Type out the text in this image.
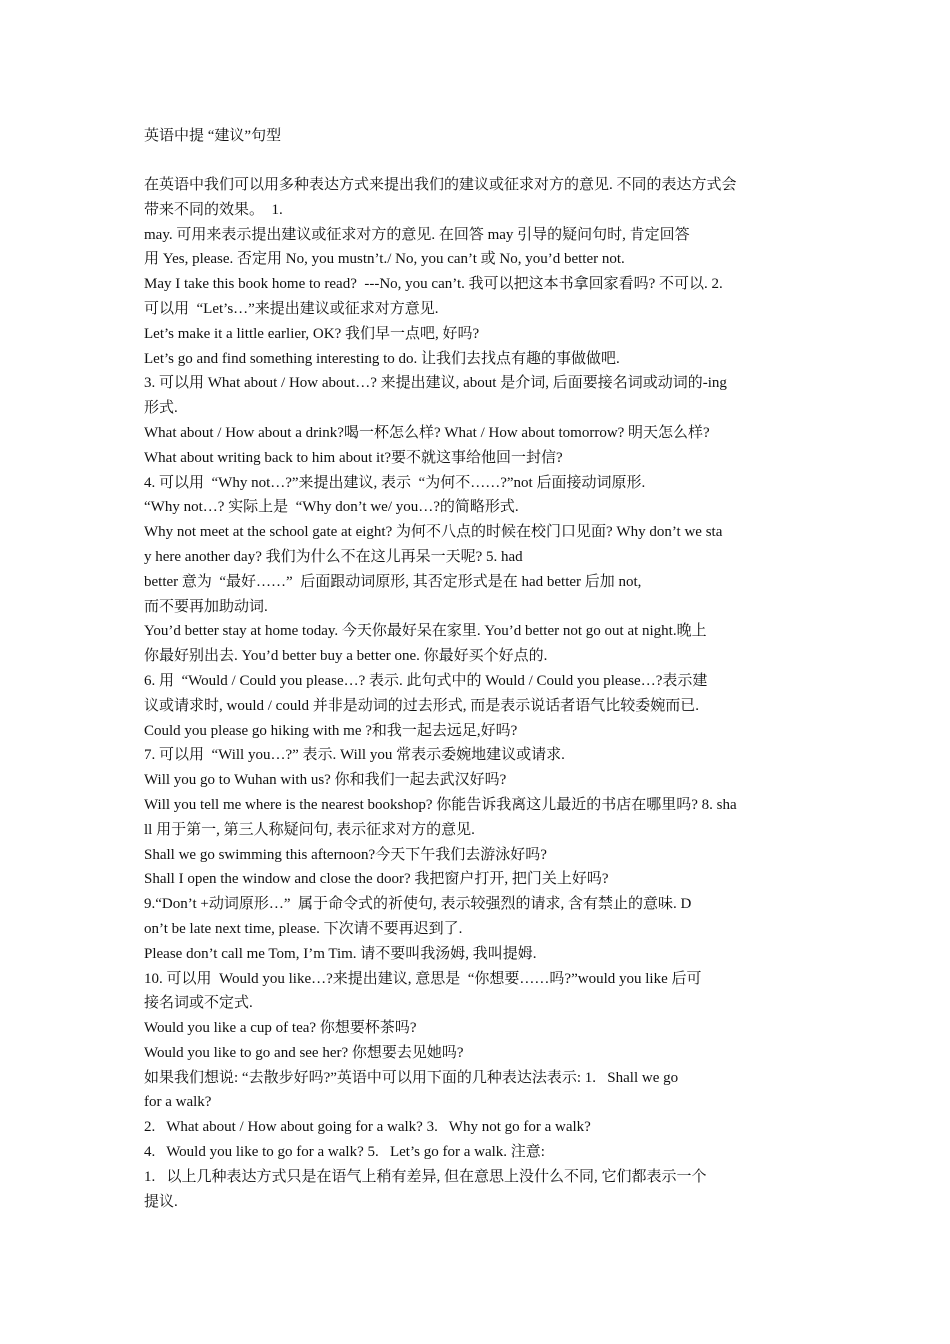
英语中提 “建议”句型
在英语中我们可以用多种表达方式来提出我们的建议或征求对方的意见. 不同的表达方式会
带来不同的效果。  1.
may. 可用来表示提出建议或征求对方的意见. 在回答 may 引导的疑问句时, 肯定回答
用 Yes, please. 否定用 No, you mustn’t./ No, you can’t 或 No, you’d better not.
May I take this book home to read?  ---No, you can’t. 我可以把这本书拿回家看吗? 不可以. 2.
可以用  “Let’s…”来提出建议或征求对方意见.
Let’s make it a little earlier, OK? 我们早一点吧, 好吗?
Let’s go and find something interesting to do. 让我们去找点有趣的事做做吧.
3. 可以用 What about / How about…? 来提出建议, about 是介词, 后面要接名词或动词的-ing
形式.
What about / How about a drink?喝一杯怎么样? What / How about tomorrow? 明天怎么样?
What about writing back to him about it?要不就这事给他回一封信?
4. 可以用  “Why not…?”来提出建议, 表示  “为何不……?”not 后面接动词原形.
“Why not…? 实际上是  “Why don’t we/ you…?的简略形式.
Why not meet at the school gate at eight? 为何不八点的时候在校门口见面? Why don’t we sta
y here another day? 我们为什么不在这儿再呆一天呢? 5. had
better 意为  “最好……”  后面跟动词原形, 其否定形式是在 had better 后加 not,
而不要再加助动词.
You’d better stay at home today. 今天你最好呆在家里. You’d better not go out at night.晚上
你最好别出去. You’d better buy a better one. 你最好买个好点的.
6. 用  “Would / Could you please…? 表示. 此句式中的 Would / Could you please…?表示建
议或请求时, would / could 并非是动词的过去形式, 而是表示说话者语气比较委婉而已.
Could you please go hiking with me ?和我一起去远足,好吗?
7. 可以用  “Will you…?” 表示. Will you 常表示委婉地建议或请求.
Will you go to Wuhan with us? 你和我们一起去武汉好吗?
Will you tell me where is the nearest bookshop? 你能告诉我离这儿最近的书店在哪里吗? 8. sha
ll 用于第一, 第三人称疑问句, 表示征求对方的意见.
Shall we go swimming this afternoon?今天下午我们去游泳好吗?
Shall I open the window and close the door? 我把窗户打开, 把门关上好吗?
9.“Don’t +动词原形…”  属于命令式的祈使句, 表示较强烈的请求, 含有禁止的意味. D
on’t be late next time, please. 下次请不要再迟到了.
Please don’t call me Tom, I’m Tim. 请不要叫我汤姆, 我叫提姆.
10. 可以用  Would you like…?来提出建议, 意思是  “你想要……吗?”would you like 后可
接名词或不定式.
Would you like a cup of tea? 你想要杯茶吗?
Would you like to go and see her? 你想要去见她吗?
如果我们想说: “去散步好吗?”英语中可以用下面的几种表达法表示: 1.   Shall we go
for a walk?
2.   What about / How about going for a walk? 3.   Why not go for a walk?
4.   Would you like to go for a walk? 5.   Let’s go for a walk. 注意:
1.   以上几种表达方式只是在语气上稍有差异, 但在意思上没什么不同, 它们都表示一个
提议.
